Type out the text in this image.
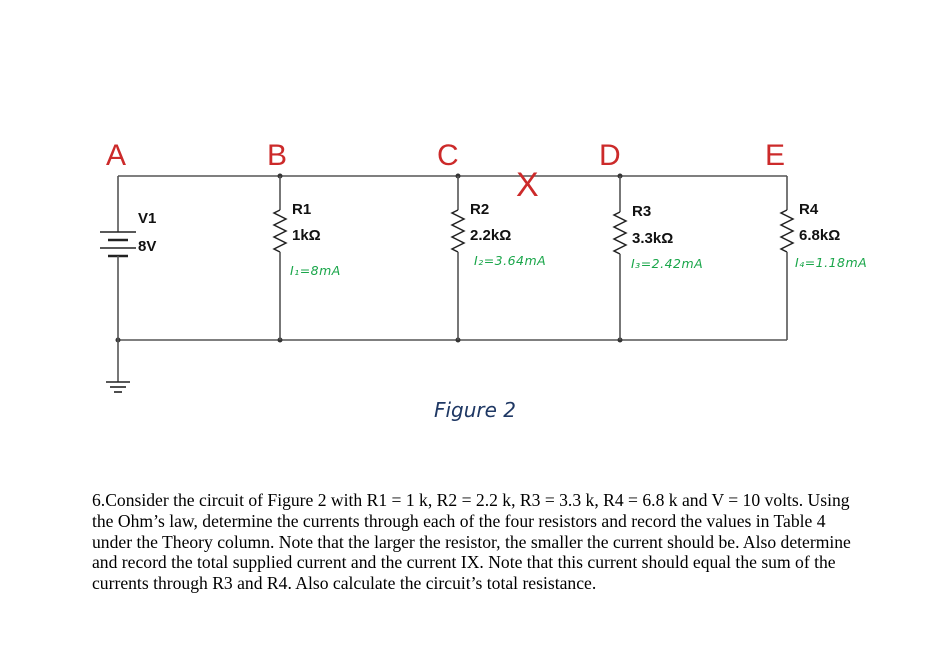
A	B	C	D	E
V1
8V
R1
1kΩ
I₁=8mA
R2
2.2kΩ
I₂=3.64mA
X
R3
3.3kΩ
I₃=2.42mA
R4
6.8kΩ
I₄=1.18mA
Figure 2

6.Consider the circuit of Figure 2 with R1 = 1 k, R2 = 2.2 k, R3 = 3.3 k, R4 = 6.8 k and V = 10 volts. Using the Ohm’s law, determine the currents through each of the four resistors and record the values in Table 4 under the Theory column. Note that the larger the resistor, the smaller the current should be. Also determine and record the total supplied current and the current IX. Note that this current should equal the sum of the currents through R3 and R4. Also calculate the circuit’s total resistance.
